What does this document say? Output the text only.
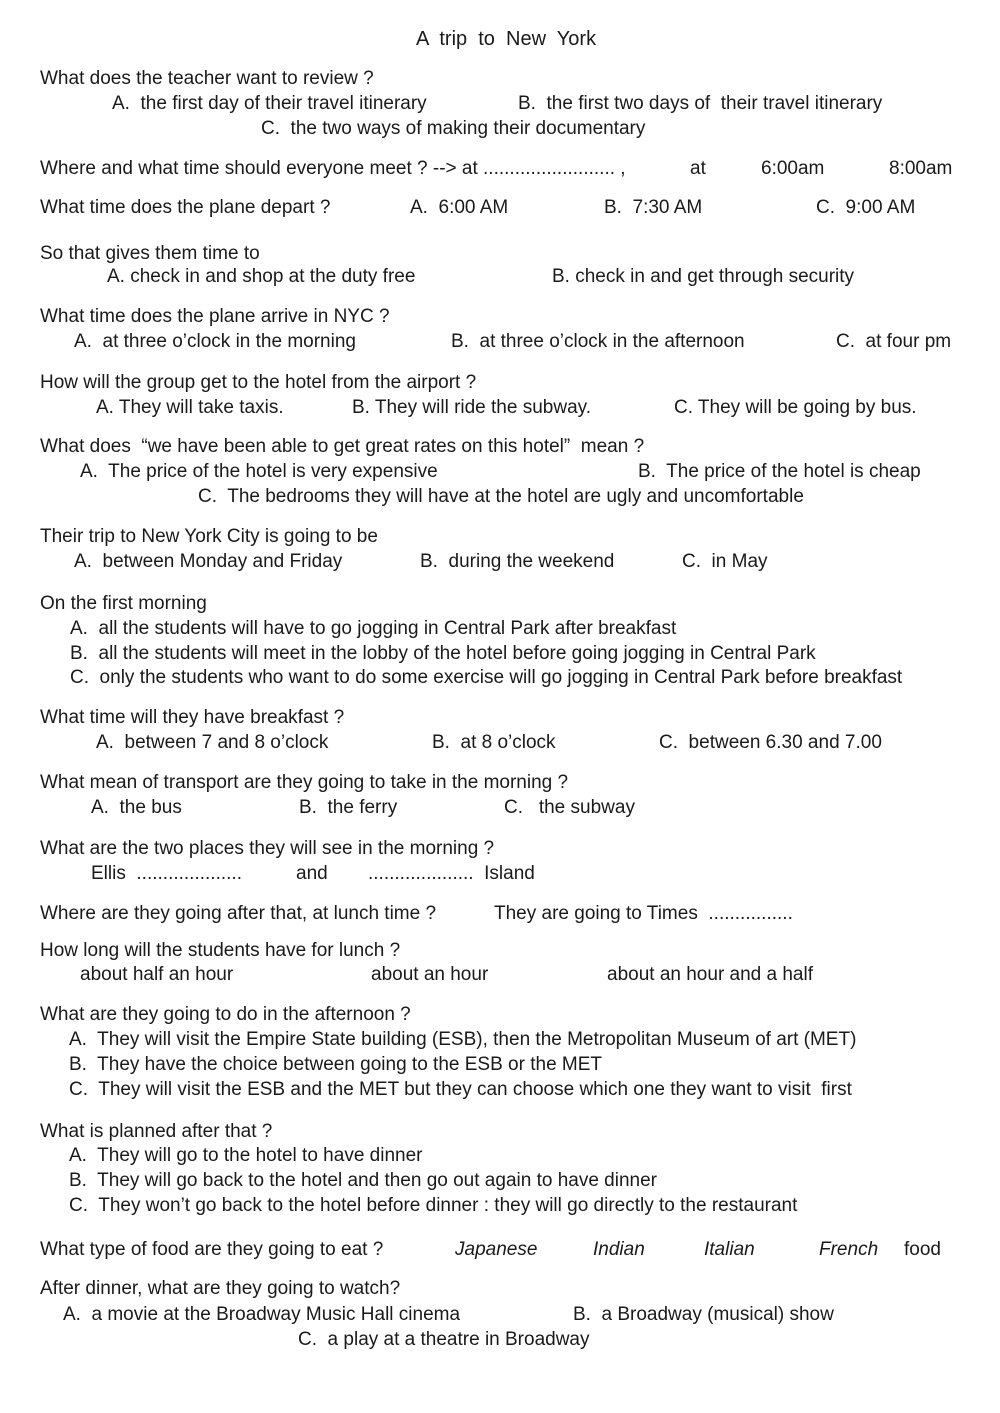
A  trip  to  New  York
What does the teacher want to review ?
A.  the first day of their travel itinerary	B.  the first two days of  their travel itinerary
C.  the two ways of making their documentary
Where and what time should everyone meet ? --> at ......................... ,	at	6:00am	8:00am
What time does the plane depart ?	A.  6:00 AM	B.  7:30 AM	C.  9:00 AM
So that gives them time to
A. check in and shop at the duty free	B. check in and get through security
What time does the plane arrive in NYC ?
A.  at three o’clock in the morning	B.  at three o’clock in the afternoon	C.  at four pm
How will the group get to the hotel from the airport ?
A. They will take taxis.	B. They will ride the subway.	C. They will be going by bus.
What does  “we have been able to get great rates on this hotel”  mean ?
A.  The price of the hotel is very expensive	B.  The price of the hotel is cheap
C.  The bedrooms they will have at the hotel are ugly and uncomfortable
Their trip to New York City is going to be
A.  between Monday and Friday	B.  during the weekend	C.  in May
On the first morning
A.  all the students will have to go jogging in Central Park after breakfast
B.  all the students will meet in the lobby of the hotel before going jogging in Central Park
C.  only the students who want to do some exercise will go jogging in Central Park before breakfast
What time will they have breakfast ?
A.  between 7 and 8 o’clock	B.  at 8 o’clock	C.  between 6.30 and 7.00
What mean of transport are they going to take in the morning ?
A.  the bus	B.  the ferry	C.   the subway
What are the two places they will see in the morning ?
Ellis  ....................	and ....................  Island
Where are they going after that, at lunch time ?	They are going to Times  ................
How long will the students have for lunch ?
about half an hour	about an hour	about an hour and a half
What are they going to do in the afternoon ?
A.  They will visit the Empire State building (ESB), then the Metropolitan Museum of art (MET)
B.  They have the choice between going to the ESB or the MET
C.  They will visit the ESB and the MET but they can choose which one they want to visit  first
What is planned after that ?
A.  They will go to the hotel to have dinner
B.  They will go back to the hotel and then go out again to have dinner
C.  They won’t go back to the hotel before dinner : they will go directly to the restaurant
What type of food are they going to eat ?	Japanese	Indian	Italian	French food
After dinner, what are they going to watch?
A.  a movie at the Broadway Music Hall cinema	B.  a Broadway (musical) show
C.  a play at a theatre in Broadway
